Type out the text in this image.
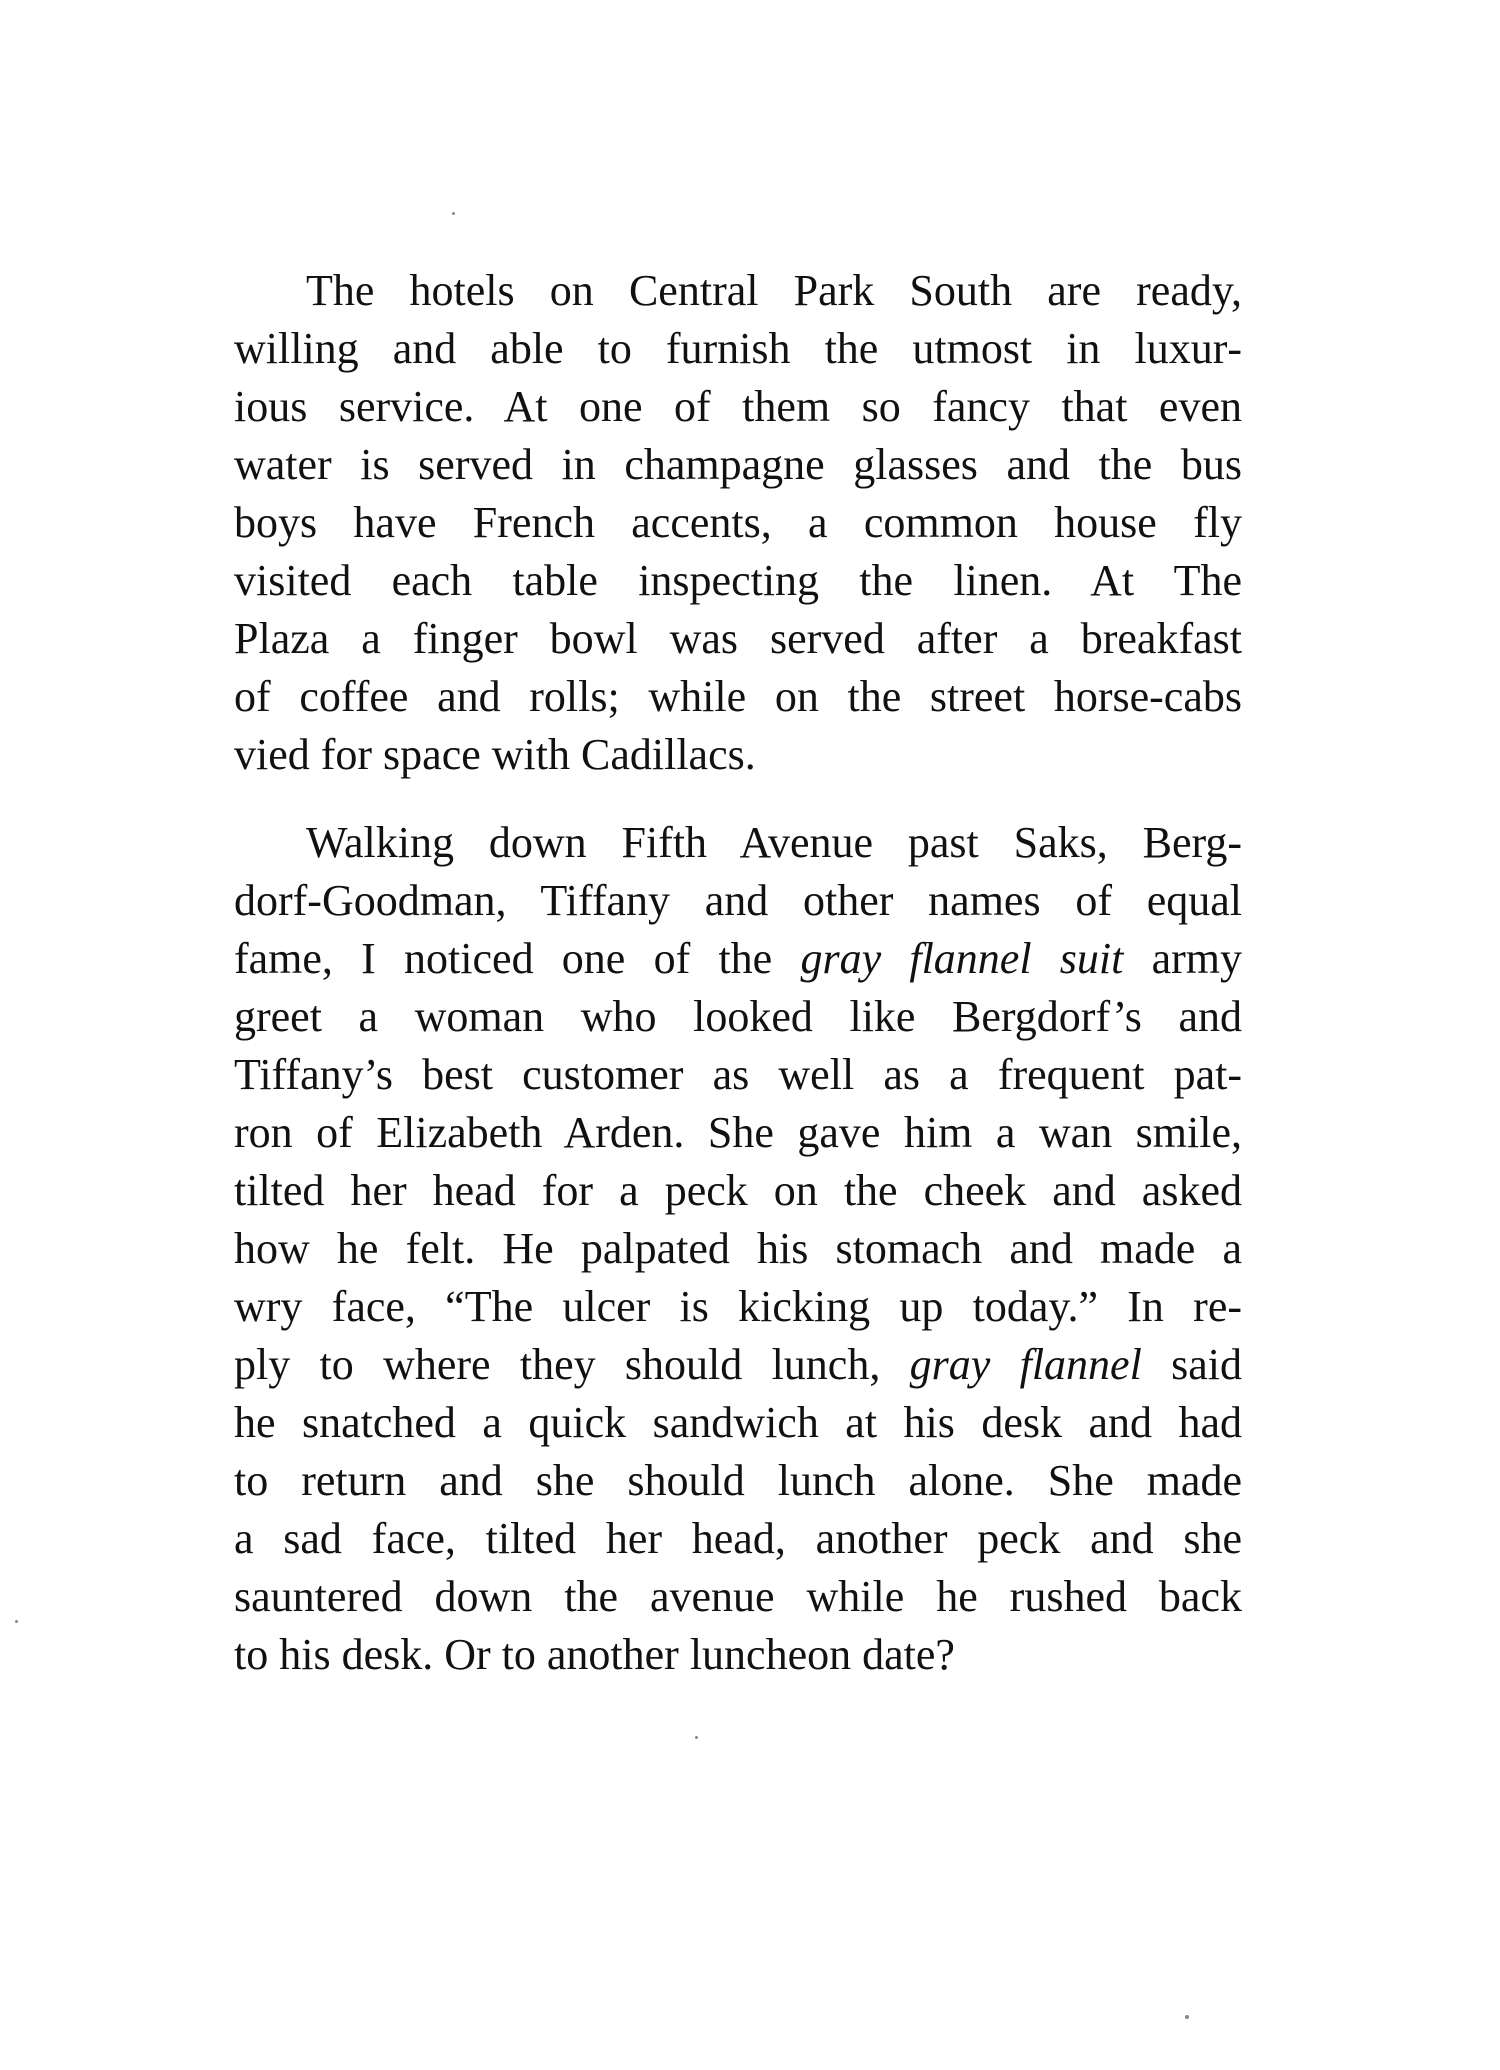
The hotels on Central Park South are ready,
willing and able to furnish the utmost in luxur‑
ious service. At one of them so fancy that even
water is served in champagne glasses and the bus
boys have French accents, a common house fly
visited each table inspecting the linen. At The
Plaza a finger bowl was served after a breakfast
of coffee and rolls; while on the street horse‑cabs
vied for space with Cadillacs.
Walking down Fifth Avenue past Saks, Berg‑
dorf‑Goodman, Tiffany and other names of equal
fame, I noticed one of the gray flannel suit army
greet a woman who looked like Bergdorf’s and
Tiffany’s best customer as well as a frequent pat‑
ron of Elizabeth Arden. She gave him a wan smile,
tilted her head for a peck on the cheek and asked
how he felt. He palpated his stomach and made a
wry face, “The ulcer is kicking up today.” In re‑
ply to where they should lunch, gray flannel said
he snatched a quick sandwich at his desk and had
to return and she should lunch alone. She made
a sad face, tilted her head, another peck and she
sauntered down the avenue while he rushed back
to his desk. Or to another luncheon date?
